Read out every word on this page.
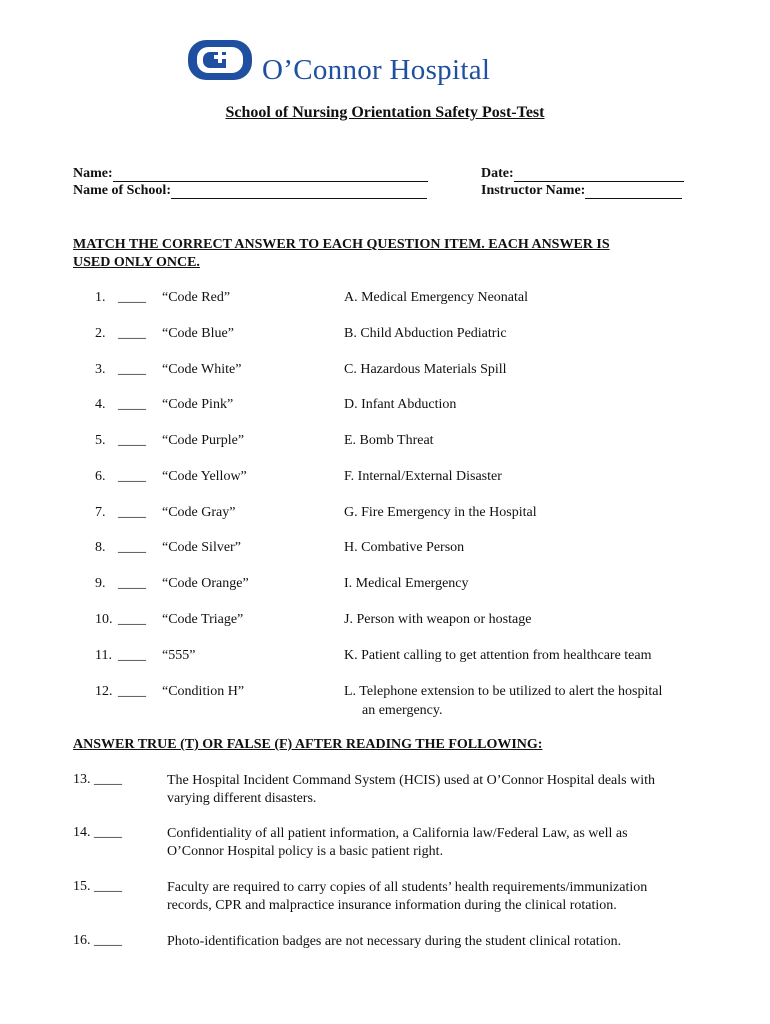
O’Connor Hospital
School of Nursing Orientation Safety Post-Test
Name:
Name of School:
Date:
Instructor Name:
MATCH THE CORRECT ANSWER TO EACH QUESTION ITEM. EACH ANSWER IS
USED ONLY ONCE.
1. ____ “Code Red”	A. Medical Emergency Neonatal
2. ____ “Code Blue”	B. Child Abduction Pediatric
3. ____ “Code White”	C. Hazardous Materials Spill
4. ____ “Code Pink”	D. Infant Abduction
5. ____ “Code Purple”	E. Bomb Threat
6. ____ “Code Yellow”	F. Internal/External Disaster
7. ____ “Code Gray”	G. Fire Emergency in the Hospital
8. ____ “Code Silver”	H. Combative Person
9. ____ “Code Orange”	I. Medical Emergency
10. ____ “Code Triage”	J. Person with weapon or hostage
11. ____ “555”	K. Patient calling to get attention from healthcare team
12. ____ “Condition H”	L. Telephone extension to be utilized to alert the hospital
an emergency.
ANSWER TRUE (T) OR FALSE (F) AFTER READING THE FOLLOWING:
13. ____	The Hospital Incident Command System (HCIS) used at O’Connor Hospital deals with
varying different disasters.
14. ____	Confidentiality of all patient information, a California law/Federal Law, as well as
O’Connor Hospital policy is a basic patient right.
15. ____	Faculty are required to carry copies of all students’ health requirements/immunization
records, CPR and malpractice insurance information during the clinical rotation.
16. ____	Photo-identification badges are not necessary during the student clinical rotation.
